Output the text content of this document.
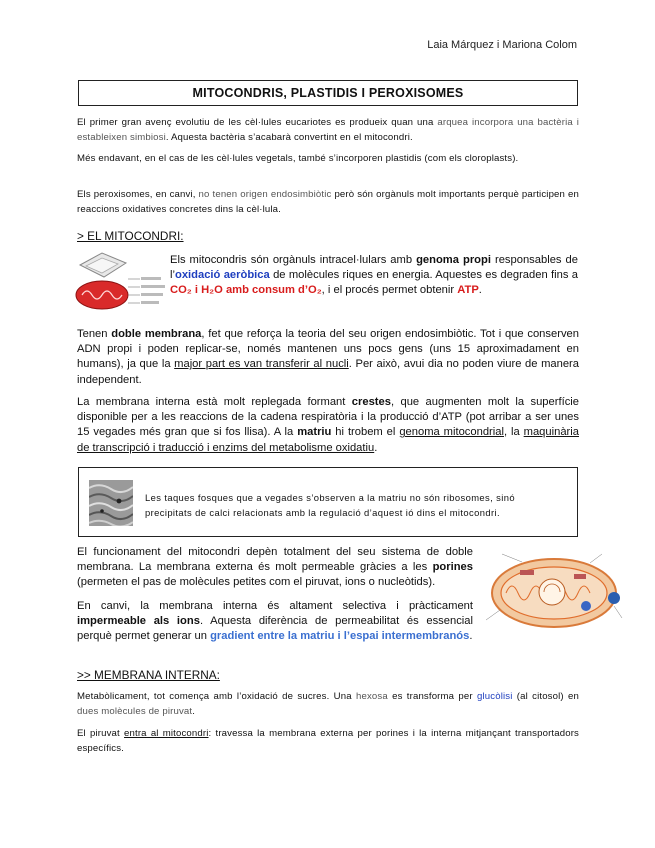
Laia Márquez i Mariona Colom
MITOCONDRIS, PLASTIDIS I PEROXISOMES
El primer gran avenç evolutiu de les cèl·lules eucariotes es produeix quan una arquea incorpora una bactèria i estableixen simbiosi. Aquesta bactèria s’acabarà convertint en el mitocondri.
Més endavant, en el cas de les cèl·lules vegetals, també s’incorporen plastidis (com els cloroplasts).
Els peroxisomes, en canvi, no tenen origen endosimbiòtic però són orgànuls molt importants perquè participen en reaccions oxidatives concretes dins la cèl·lula.
> EL MITOCONDRI:
Els mitocondris són orgànuls intracel·lulars amb genoma propi responsables de l’oxidació aeròbica de molècules riques en energia. Aquestes es degraden fins a CO₂ i H₂O amb consum d’O₂, i el procés permet obtenir ATP.
Tenen doble membrana, fet que reforça la teoria del seu origen endosimbiòtic. Tot i que conserven ADN propi i poden replicar-se, només mantenen uns pocs gens (uns 15 aproximadament en humans), ja que la major part es van transferir al nucli. Per això, avui dia no poden viure de manera independent.
La membrana interna està molt replegada formant crestes, que augmenten molt la superfície disponible per a les reaccions de la cadena respiratòria i la producció d’ATP (pot arribar a ser unes 15 vegades més gran que si fos llisa). A la matriu hi trobem el genoma mitocondrial, la maquinària de transcripció i traducció i enzims del metabolisme oxidatiu.
Les taques fosques que a vegades s’observen a la matriu no són ribosomes, sinó precipitats de calci relacionats amb la regulació d’aquest ió dins el mitocondri.
El funcionament del mitocondri depèn totalment del seu sistema de doble membrana. La membrana externa és molt permeable gràcies a les porines (permeten el pas de molècules petites com el piruvat, ions o nucleòtids).
En canvi, la membrana interna és altament selectiva i pràcticament impermeable als ions. Aquesta diferència de permeabilitat és essencial perquè permet generar un gradient entre la matriu i l’espai intermembranós.
>> MEMBRANA INTERNA:
Metabòlicament, tot comença amb l’oxidació de sucres. Una hexosa es transforma per glucòlisi (al citosol) en dues molècules de piruvat.
El piruvat entra al mitocondri: travessa la membrana externa per porines i la interna mitjançant transportadors específics.
